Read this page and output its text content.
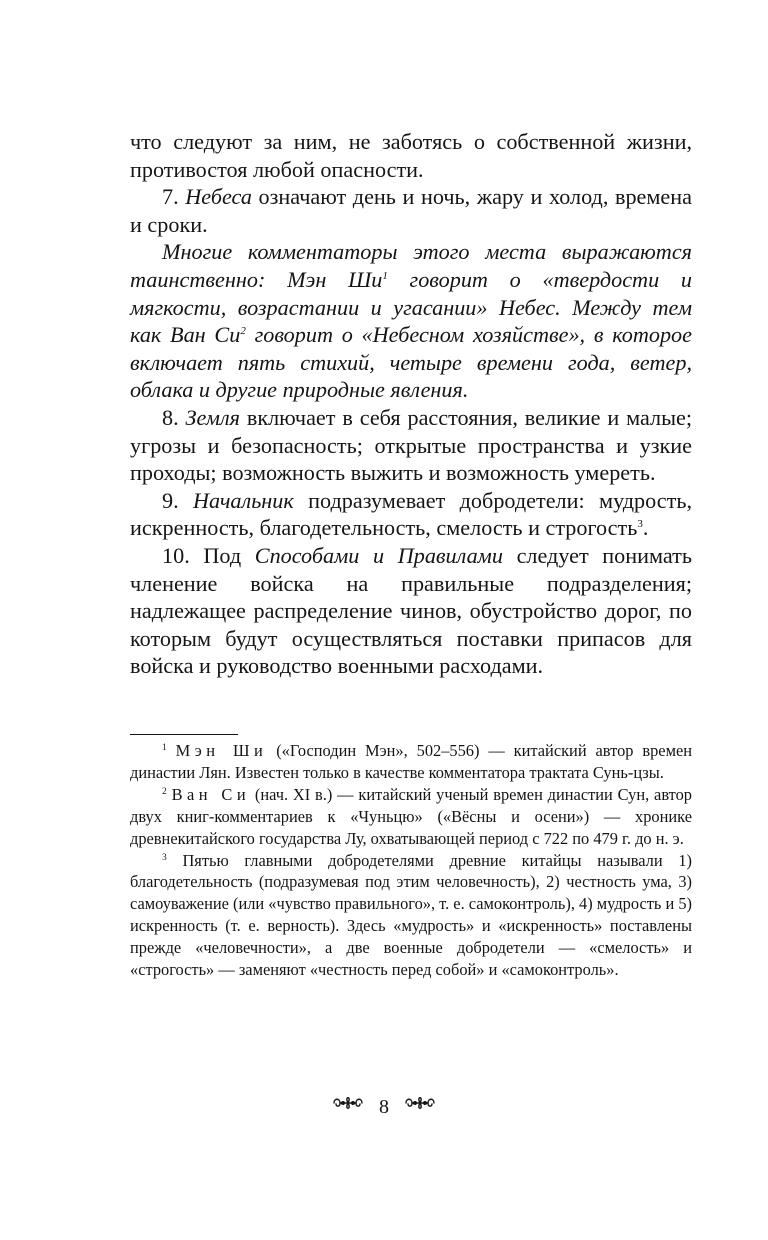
что следуют за ним, не заботясь о собственной жизни, противостоя любой опасности.

7. Небеса означают день и ночь, жару и холод, времена и сроки.

Многие комментаторы этого места выражаются таинственно: Мэн $Ши^1$ говорит о «твердости и мягкости, возрастании и угасании» Небес. Между тем как Ван $Си^2$ говорит о «Небесном хозяйстве», в которое включает пять стихий, четыре времени года, ветер, облака и другие природные явления.

8. Земля включает в себя расстояния, великие и малые; угрозы и безопасность; открытые пространства и узкие проходы; возможность выжить и возможность умереть.

9. Начальник подразумевает добродетели: мудрость, искренность, благодетельность, смелость и строгость$^3$.

10. Под Способами и Правилами следует понимать членение войска на правильные подразделения; надлежащее распределение чинов, обустройство дорог, по которым будут осуществляться поставки припасов для войска и руководство военными расходами.

$^1$ Мэн Ши («Господин Мэн», 502–556) — китайский автор времен династии Лян. Известен только в качестве комментатора трактата Сунь-цзы.

$^2$ Ван Си (нач. XI в.) — китайский ученый времен династии Сун, автор двух книг-комментариев к «Чуньцю» («Вёсны и осени») — хронике древнекитайского государства Лу, охватывающей период с 722 по 479 г. до н. э.

$^3$ Пятью главными добродетелями древние китайцы называли 1) благодетельность (подразумевая под этим человечность), 2) честность ума, 3) самоуважение (или «чувство правильного», т. е. самоконтроль), 4) мудрость и 5) искренность (т. е. верность). Здесь «мудрость» и «искренность» поставлены прежде «человечности», а две военные добродетели — «смелость» и «строгость» — заменяют «честность перед собой» и «самоконтроль».

8
